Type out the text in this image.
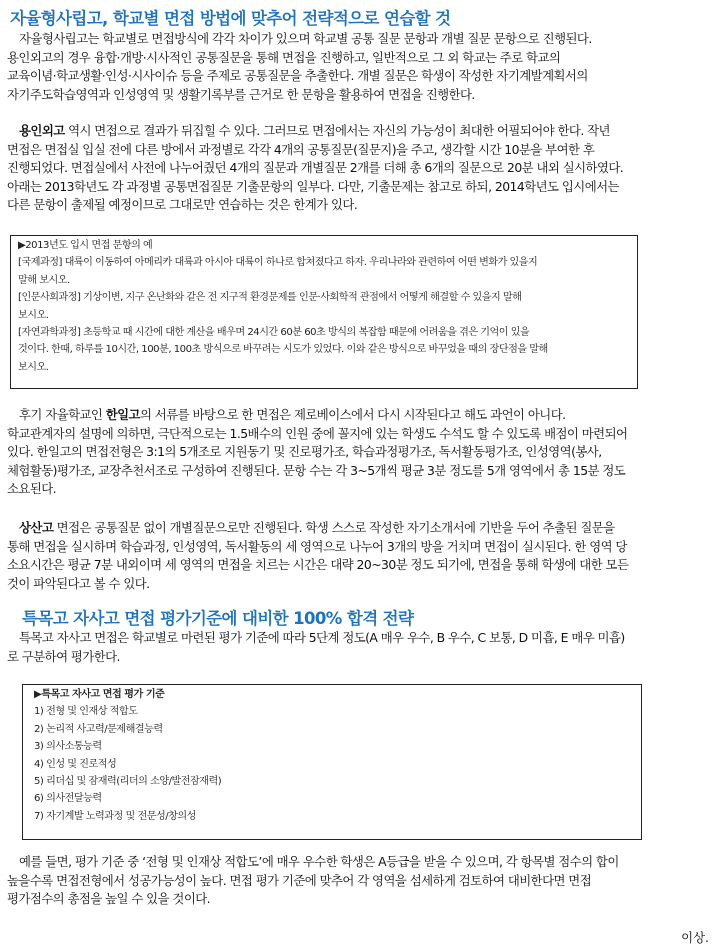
자율형사립고, 학교별 면접 방법에 맞추어 전략적으로 연습할 것

자율형사립고는 학교별로 면접방식에 각각 차이가 있으며 학교별 공통 질문 문항과 개별 질문 문항으로 진행된다.

용인외고의 경우 융합·개방·시사적인 공통질문을 통해 면접을 진행하고, 일반적으로 그 외 학교는 주로 학교의

교육이념·학교생활·인성·시사이슈 등을 주제로 공통질문을 추출한다. 개별 질문은 학생이 작성한 자기계발계획서의

자기주도학습영역과 인성영역 및 생활기록부를 근거로 한 문항을 활용하여 면접을 진행한다.

용인외고 역시 면접으로 결과가 뒤집힐 수 있다. 그러므로 면접에서는 자신의 가능성이 최대한 어필되어야 한다. 작년

면접은 면접실 입실 전에 다른 방에서 과정별로 각각 4개의 공통질문(질문지)을 주고, 생각할 시간 10분을 부여한 후

진행되었다. 면접실에서 사전에 나누어줬던 4개의 질문과 개별질문 2개를 더해 총 6개의 질문으로 20분 내외 실시하였다.

아래는 2013학년도 각 과정별 공통면접질문 기출문항의 일부다. 다만, 기출문제는 참고로 하되, 2014학년도 입시에서는

다른 문항이 출제될 예정이므로 그대로만 연습하는 것은 한계가 있다.

▶2013년도 입시 면접 문항의 예

[국제과정] 대륙이 이동하여 아메리카 대륙과 아시아 대륙이 하나로 합쳐졌다고 하자. 우리나라와 관련하여 어떤 변화가 있을지

말해 보시오.

[인문사회과정] 기상이변, 지구 온난화와 같은 전 지구적 환경문제를 인문·사회학적 관점에서 어떻게 해결할 수 있을지 말해

보시오.

[자연과학과정] 초등학교 때 시간에 대한 계산을 배우며 24시간 60분 60초 방식의 복잡함 때문에 어려움을 겪은 기억이 있을

것이다. 한때, 하루를 10시간, 100분, 100초 방식으로 바꾸려는 시도가 있었다. 이와 같은 방식으로 바꾸었을 때의 장단점을 말해

보시오.

후기 자율학교인 한일고의 서류를 바탕으로 한 면접은 제로베이스에서 다시 시작된다고 해도 과언이 아니다.

학교관계자의 설명에 의하면, 극단적으로는 1.5배수의 인원 중에 꼴지에 있는 학생도 수석도 할 수 있도록 배점이 마련되어

있다. 한일고의 면접전형은 3:1의 5개조로 지원동기 및 진로평가조, 학습과정평가조, 독서활동평가조, 인성영역(봉사,

체험활동)평가조, 교장추천서조로 구성하여 진행된다. 문항 수는 각 3~5개씩 평균 3분 정도를 5개 영역에서 총 15분 정도

소요된다.

상산고 면접은 공통질문 없이 개별질문으로만 진행된다. 학생 스스로 작성한 자기소개서에 기반을 두어 추출된 질문을

통해 면접을 실시하며 학습과정, 인성영역, 독서활동의 세 영역으로 나누어 3개의 방을 거치며 면접이 실시된다. 한 영역 당

소요시간은 평균 7분 내외이며 세 영역의 면접을 치르는 시간은 대략 20~30분 정도 되기에, 면접을 통해 학생에 대한 모든

것이 파악된다고 볼 수 있다.

특목고 자사고 면접 평가기준에 대비한 100% 합격 전략

특목고 자사고 면접은 학교별로 마련된 평가 기준에 따라 5단계 정도(A 매우 우수, B 우수, C 보통, D 미흡, E 매우 미흡)

로 구분하여 평가한다.

▶특목고 자사고 면접 평가 기준

1) 전형 및 인재상 적합도

2) 논리적 사고력/문제해결능력

3) 의사소통능력

4) 인성 및 진로적성

5) 리더십 및 잠재력(리더의 소양/발전잠재력)

6) 의사전달능력

7) 자기계발 노력과정 및 전문성/창의성

예를 들면, 평가 기준 중 ‘전형 및 인재상 적합도’에 매우 우수한 학생은 A등급을 받을 수 있으며, 각 항목별 점수의 합이

높을수록 면접전형에서 성공가능성이 높다. 면접 평가 기준에 맞추어 각 영역을 섬세하게 검토하여 대비한다면 면접

평가점수의 총점을 높일 수 있을 것이다.

이상.
